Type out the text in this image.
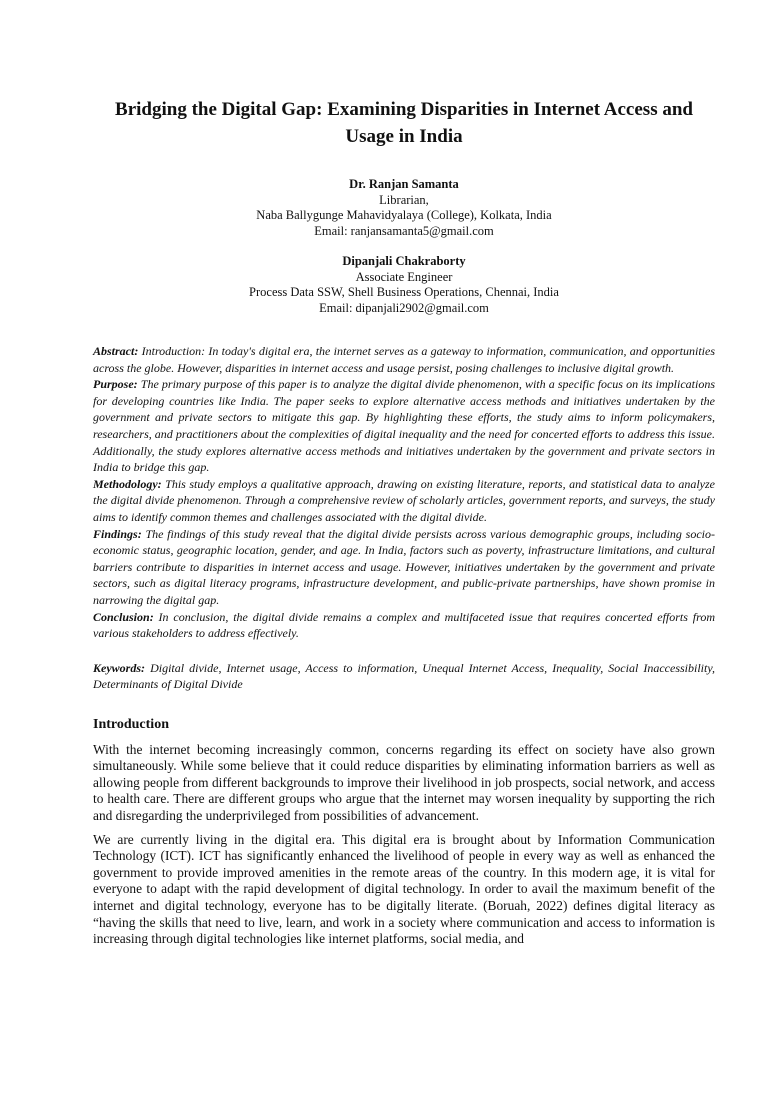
Bridging the Digital Gap: Examining Disparities in Internet Access and Usage in India
Dr. Ranjan Samanta
Librarian,
Naba Ballygunge Mahavidyalaya (College), Kolkata, India
Email: ranjansamanta5@gmail.com
Dipanjali Chakraborty
Associate Engineer
Process Data SSW, Shell Business Operations, Chennai, India
Email: dipanjali2902@gmail.com

Abstract: Introduction: In today's digital era, the internet serves as a gateway to information, communication, and opportunities across the globe. However, disparities in internet access and usage persist, posing challenges to inclusive digital growth.

Purpose: The primary purpose of this paper is to analyze the digital divide phenomenon, with a specific focus on its implications for developing countries like India. The paper seeks to explore alternative access methods and initiatives undertaken by the government and private sectors to mitigate this gap. By highlighting these efforts, the study aims to inform policymakers, researchers, and practitioners about the complexities of digital inequality and the need for concerted efforts to address this issue. Additionally, the study explores alternative access methods and initiatives undertaken by the government and private sectors in India to bridge this gap.

Methodology: This study employs a qualitative approach, drawing on existing literature, reports, and statistical data to analyze the digital divide phenomenon. Through a comprehensive review of scholarly articles, government reports, and surveys, the study aims to identify common themes and challenges associated with the digital divide.

Findings: The findings of this study reveal that the digital divide persists across various demographic groups, including socio-economic status, geographic location, gender, and age. In India, factors such as poverty, infrastructure limitations, and cultural barriers contribute to disparities in internet access and usage. However, initiatives undertaken by the government and private sectors, such as digital literacy programs, infrastructure development, and public-private partnerships, have shown promise in narrowing the digital gap.

Conclusion: In conclusion, the digital divide remains a complex and multifaceted issue that requires concerted efforts from various stakeholders to address effectively.

Keywords: Digital divide, Internet usage, Access to information, Unequal Internet Access, Inequality, Social Inaccessibility, Determinants of Digital Divide
Introduction

With the internet becoming increasingly common, concerns regarding its effect on society have also grown simultaneously. While some believe that it could reduce disparities by eliminating information barriers as well as allowing people from different backgrounds to improve their livelihood in job prospects, social network, and access to health care. There are different groups who argue that the internet may worsen inequality by supporting the rich and disregarding the underprivileged from possibilities of advancement.

We are currently living in the digital era. This digital era is brought about by Information Communication Technology (ICT). ICT has significantly enhanced the livelihood of people in every way as well as enhanced the government to provide improved amenities in the remote areas of the country. In this modern age, it is vital for everyone to adapt with the rapid development of digital technology. In order to avail the maximum benefit of the internet and digital technology, everyone has to be digitally literate. (Boruah, 2022) defines digital literacy as “having the skills that need to live, learn, and work in a society where communication and access to information is increasing through digital technologies like internet platforms, social media, and
